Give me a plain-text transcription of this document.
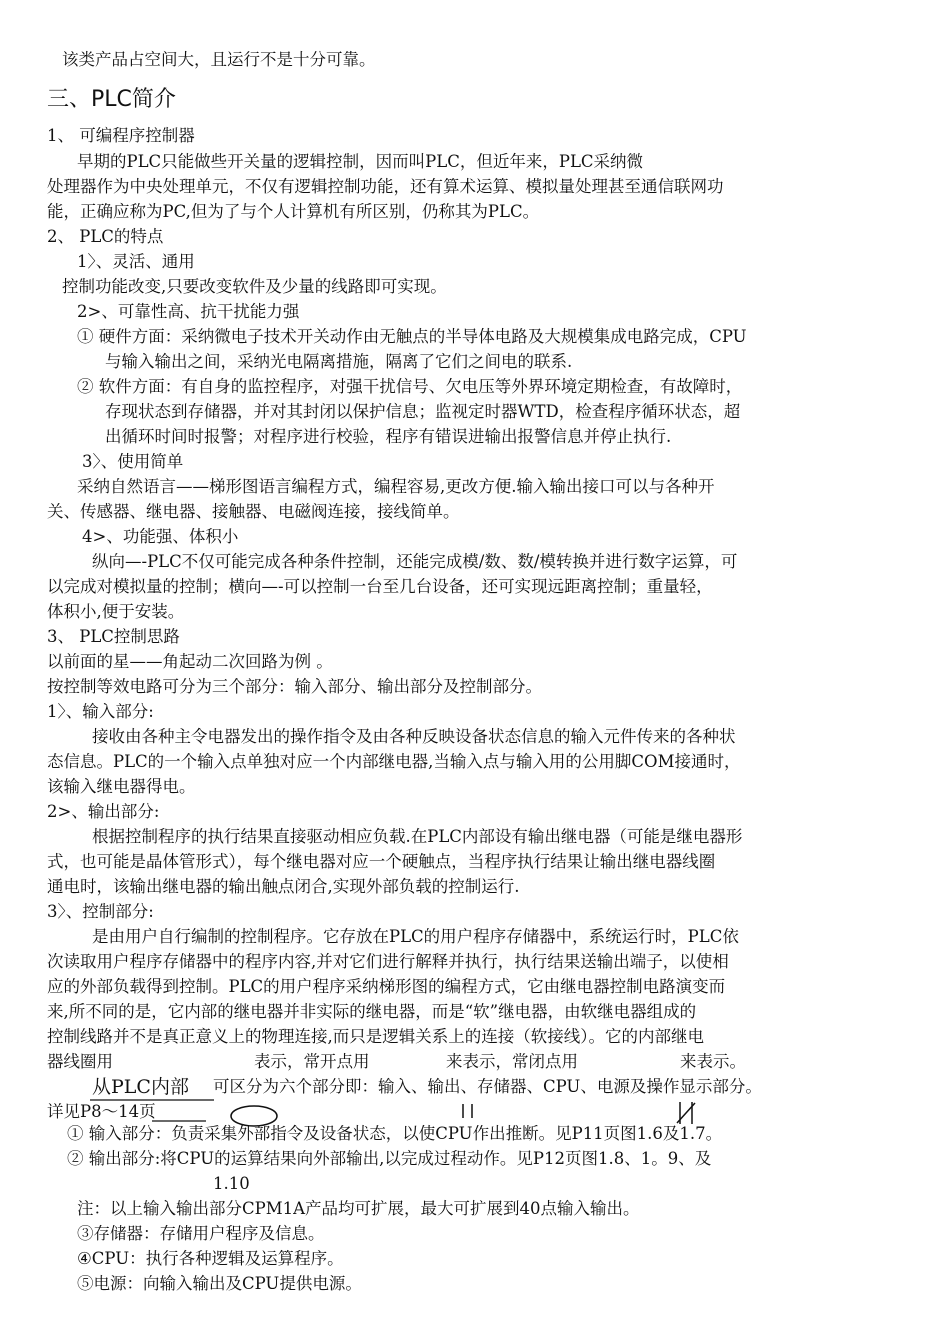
该类产品占空间大，且运行不是十分可靠。
三、PLC简介
1、 可编程序控制器
早期的PLC只能做些开关量的逻辑控制，因而叫PLC，但近年来，PLC采纳微
处理器作为中央处理单元，不仅有逻辑控制功能，还有算术运算、模拟量处理甚至通信联网功
能，正确应称为PC,但为了与个人计算机有所区别，仍称其为PLC。
2、 PLC的特点
1〉、灵活、通用
控制功能改变,只要改变软件及少量的线路即可实现。
2>、可靠性高、抗干扰能力强
① 硬件方面：采纳微电子技术开关动作由无触点的半导体电路及大规模集成电路完成，CPU
与输入输出之间，采纳光电隔离措施，隔离了它们之间电的联系.
② 软件方面：有自身的监控程序，对强干扰信号、欠电压等外界环境定期检查，有故障时，
存现状态到存储器，并对其封闭以保护信息；监视定时器WTD，检查程序循环状态，超
出循环时间时报警；对程序进行校验，程序有错误进输出报警信息并停止执行.
3〉、使用简单
采纳自然语言——梯形图语言编程方式，编程容易,更改方便.输入输出接口可以与各种开
关、传感器、继电器、接触器、电磁阀连接，接线简单。
4>、功能强、体积小
纵向—-PLC不仅可能完成各种条件控制，还能完成模/数、数/模转换并进行数字运算，可
以完成对模拟量的控制；横向—-可以控制一台至几台设备，还可实现远距离控制；重量轻，
体积小,便于安装。
3、 PLC控制思路
以前面的星——角起动二次回路为例 。
按控制等效电路可分为三个部分：输入部分、输出部分及控制部分。
1〉、输入部分:
接收由各种主令电器发出的操作指令及由各种反映设备状态信息的输入元件传来的各种状
态信息。PLC的一个输入点单独对应一个内部继电器,当输入点与输入用的公用脚COM接通时，
该输入继电器得电。
2>、输出部分:
根据控制程序的执行结果直接驱动相应负载.在PLC内部设有输出继电器（可能是继电器形
式，也可能是晶体管形式），每个继电器对应一个硬触点，当程序执行结果让输出继电器线圈
通电时，该输出继电器的输出触点闭合,实现外部负载的控制运行.
3〉、控制部分:
是由用户自行编制的控制程序。它存放在PLC的用户程序存储器中，系统运行时，PLC依
次读取用户程序存储器中的程序内容,并对它们进行解释并执行，执行结果送输出端子，以使相
应的外部负载得到控制。PLC的用户程序采纳梯形图的编程方式，它由继电器控制电路演变而
来,所不同的是，它内部的继电器并非实际的继电器，而是“软”继电器，由软继电器组成的
控制线路并不是真正意义上的物理连接,而只是逻辑关系上的连接（软接线）。它的内部继电
器线圈用	表示，常开点用	来表示，常闭点用	来表示。
从PLC内部 可区分为六个部分即：输入、输出、存储器、CPU、电源及操作显示部分。
详见P8～14页
① 输入部分：负责采集外部指令及设备状态，以使CPU作出推断。见P11页图1.6及1.7。
② 输出部分:将CPU的运算结果向外部输出,以完成过程动作。见P12页图1.8、1。9、及
1.10
注：以上输入输出部分CPM1A产品均可扩展，最大可扩展到40点输入输出。
③存储器：存储用户程序及信息。
④CPU：执行各种逻辑及运算程序。
⑤电源：向输入输出及CPU提供电源。
